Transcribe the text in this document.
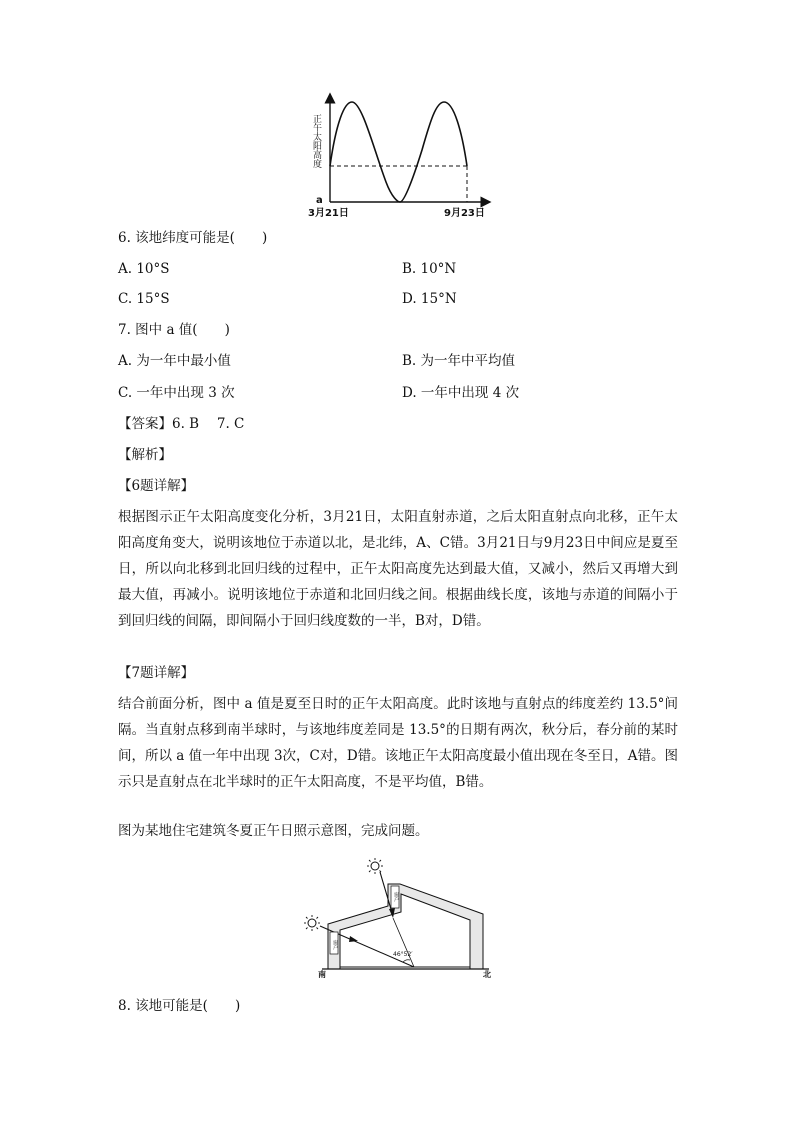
正午太阳高度
a
3月21日	9月23日
6. 该地纬度可能是(　　)
A. 10°S	B. 10°N
C. 15°S	D. 15°N
7. 图中 a 值(　　)
A. 为一年中最小值	B. 为一年中平均值
C. 一年中出现 3 次	D. 一年中出现 4 次
【答案】6. B　 7. C
【解析】
【6题详解】
根据图示正午太阳高度变化分析，3月21日，太阳直射赤道，之后太阳直射点向北移，正午太阳高度角变大，说明该地位于赤道以北，是北纬，A、C错。3月21日与9月23日中间应是夏至日，所以向北移到北回归线的过程中，正午太阳高度先达到最大值，又减小，然后又再增大到最大值，再减小。说明该地位于赤道和北回归线之间。根据曲线长度，该地与赤道的间隔小于到回归线的间隔，即间隔小于回归线度数的一半，B对，D错。
【7题详解】
结合前面分析，图中 a 值是夏至日时的正午太阳高度。此时该地与直射点的纬度差约 13.5°间隔。当直射点移到南半球时，与该地纬度差同是 13.5°的日期有两次，秋分后，春分前的某时间，所以 a 值一年中出现 3次，C对，D错。该地正午太阳高度最小值出现在冬至日，A错。图示只是直射点在北半球时的正午太阳高度，不是平均值，B错。
图为某地住宅建筑冬夏正午日照示意图，完成问题。
窗户
窗户
46°52′
南	北
8. 该地可能是(　　)
